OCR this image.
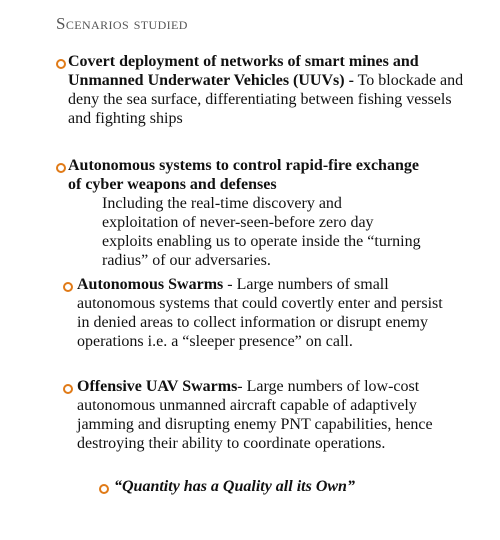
Scenarios studied
Covert deployment of networks of smart mines and Unmanned Underwater Vehicles (UUVs) - To blockade and deny the sea surface, differentiating between fishing vessels and fighting ships
Autonomous systems to control rapid-fire exchange of cyber weapons and defenses
Including the real-time discovery and exploitation of never-seen-before zero day exploits enabling us to operate inside the “turning radius” of our adversaries.
Autonomous Swarms - Large numbers of small autonomous systems that could covertly enter and persist in denied areas to collect information or disrupt enemy operations i.e. a “sleeper presence” on call.
Offensive UAV Swarms- Large numbers of low-cost autonomous unmanned aircraft capable of adaptively jamming and disrupting enemy PNT capabilities, hence destroying their ability to coordinate operations.
“Quantity has a Quality all its Own”
